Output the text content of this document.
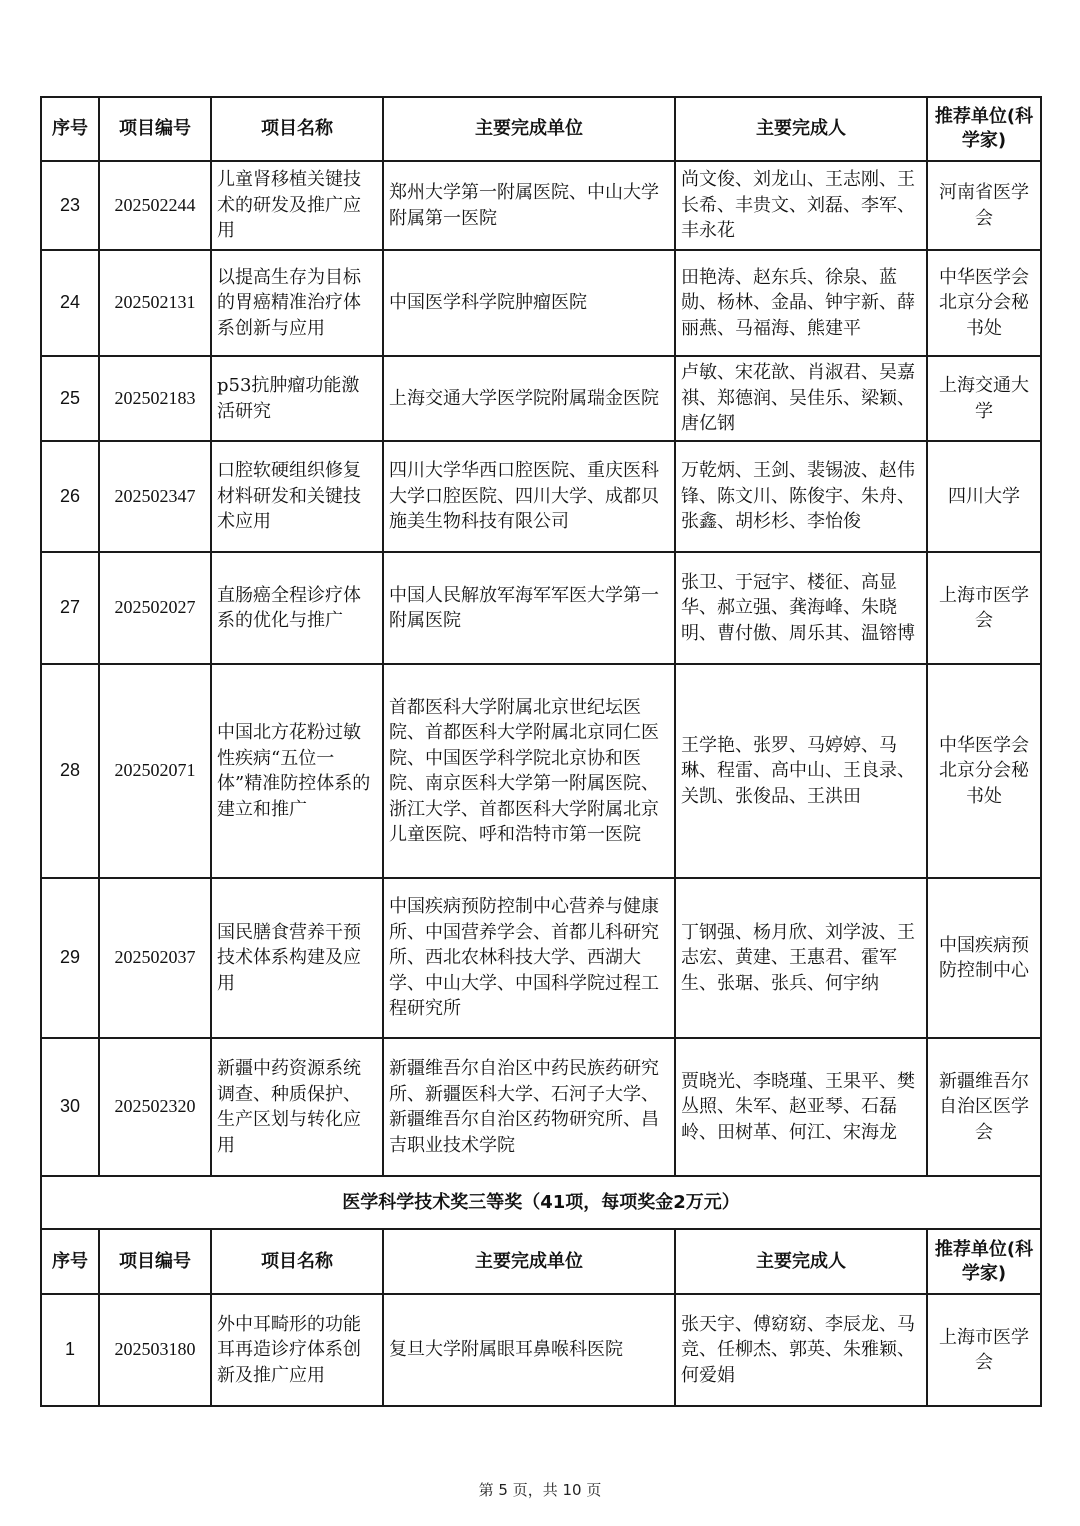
序号	项目编号	项目名称	主要完成单位	主要完成人	推荐单位(科学家)
23	202502244	儿童肾移植关键技术的研发及推广应用	郑州大学第一附属医院、中山大学附属第一医院	尚文俊、刘龙山、王志刚、王长希、丰贵文、刘磊、李军、丰永花	河南省医学会
24	202502131	以提高生存为目标的胃癌精准治疗体系创新与应用	中国医学科学院肿瘤医院	田艳涛、赵东兵、徐泉、蓝勋、杨林、金晶、钟宇新、薛丽燕、马福海、熊建平	中华医学会北京分会秘书处
25	202502183	p53抗肿瘤功能激活研究	上海交通大学医学院附属瑞金医院	卢敏、宋花歆、肖淑君、吴嘉祺、郑德润、吴佳乐、梁颖、唐亿钢	上海交通大学
26	202502347	口腔软硬组织修复材料研发和关键技术应用	四川大学华西口腔医院、重庆医科大学口腔医院、四川大学、成都贝施美生物科技有限公司	万乾炳、王剑、裴锡波、赵伟锋、陈文川、陈俊宇、朱舟、张鑫、胡杉杉、李怡俊	四川大学
27	202502027	直肠癌全程诊疗体系的优化与推广	中国人民解放军海军军医大学第一附属医院	张卫、于冠宇、楼征、高显华、郝立强、龚海峰、朱晓明、曹付傲、周乐其、温镕博	上海市医学会
28	202502071	中国北方花粉过敏性疾病“五位一体”精准防控体系的建立和推广	首都医科大学附属北京世纪坛医院、首都医科大学附属北京同仁医院、中国医学科学院北京协和医院、南京医科大学第一附属医院、浙江大学、首都医科大学附属北京儿童医院、呼和浩特市第一医院	王学艳、张罗、马婷婷、马琳、程雷、高中山、王良录、关凯、张俊品、王洪田	中华医学会北京分会秘书处
29	202502037	国民膳食营养干预技术体系构建及应用	中国疾病预防控制中心营养与健康所、中国营养学会、首都儿科研究所、西北农林科技大学、西湖大学、中山大学、中国科学院过程工程研究所	丁钢强、杨月欣、刘学波、王志宏、黄建、王惠君、霍军生、张琚、张兵、何宇纳	中国疾病预防控制中心
30	202502320	新疆中药资源系统调查、种质保护、生产区划与转化应用	新疆维吾尔自治区中药民族药研究所、新疆医科大学、石河子大学、新疆维吾尔自治区药物研究所、昌吉职业技术学院	贾晓光、李晓瑾、王果平、樊丛照、朱军、赵亚琴、石磊岭、田树革、何江、宋海龙	新疆维吾尔自治区医学会
医学科学技术奖三等奖（41项，每项奖金2万元）					
序号	项目编号	项目名称	主要完成单位	主要完成人	推荐单位(科学家)
1	202503180	外中耳畸形的功能耳再造诊疗体系创新及推广应用	复旦大学附属眼耳鼻喉科医院	张天宇、傅窈窈、李辰龙、马竞、任柳杰、郭英、朱雅颖、何爱娟	上海市医学会
第 5 页，共 10 页
